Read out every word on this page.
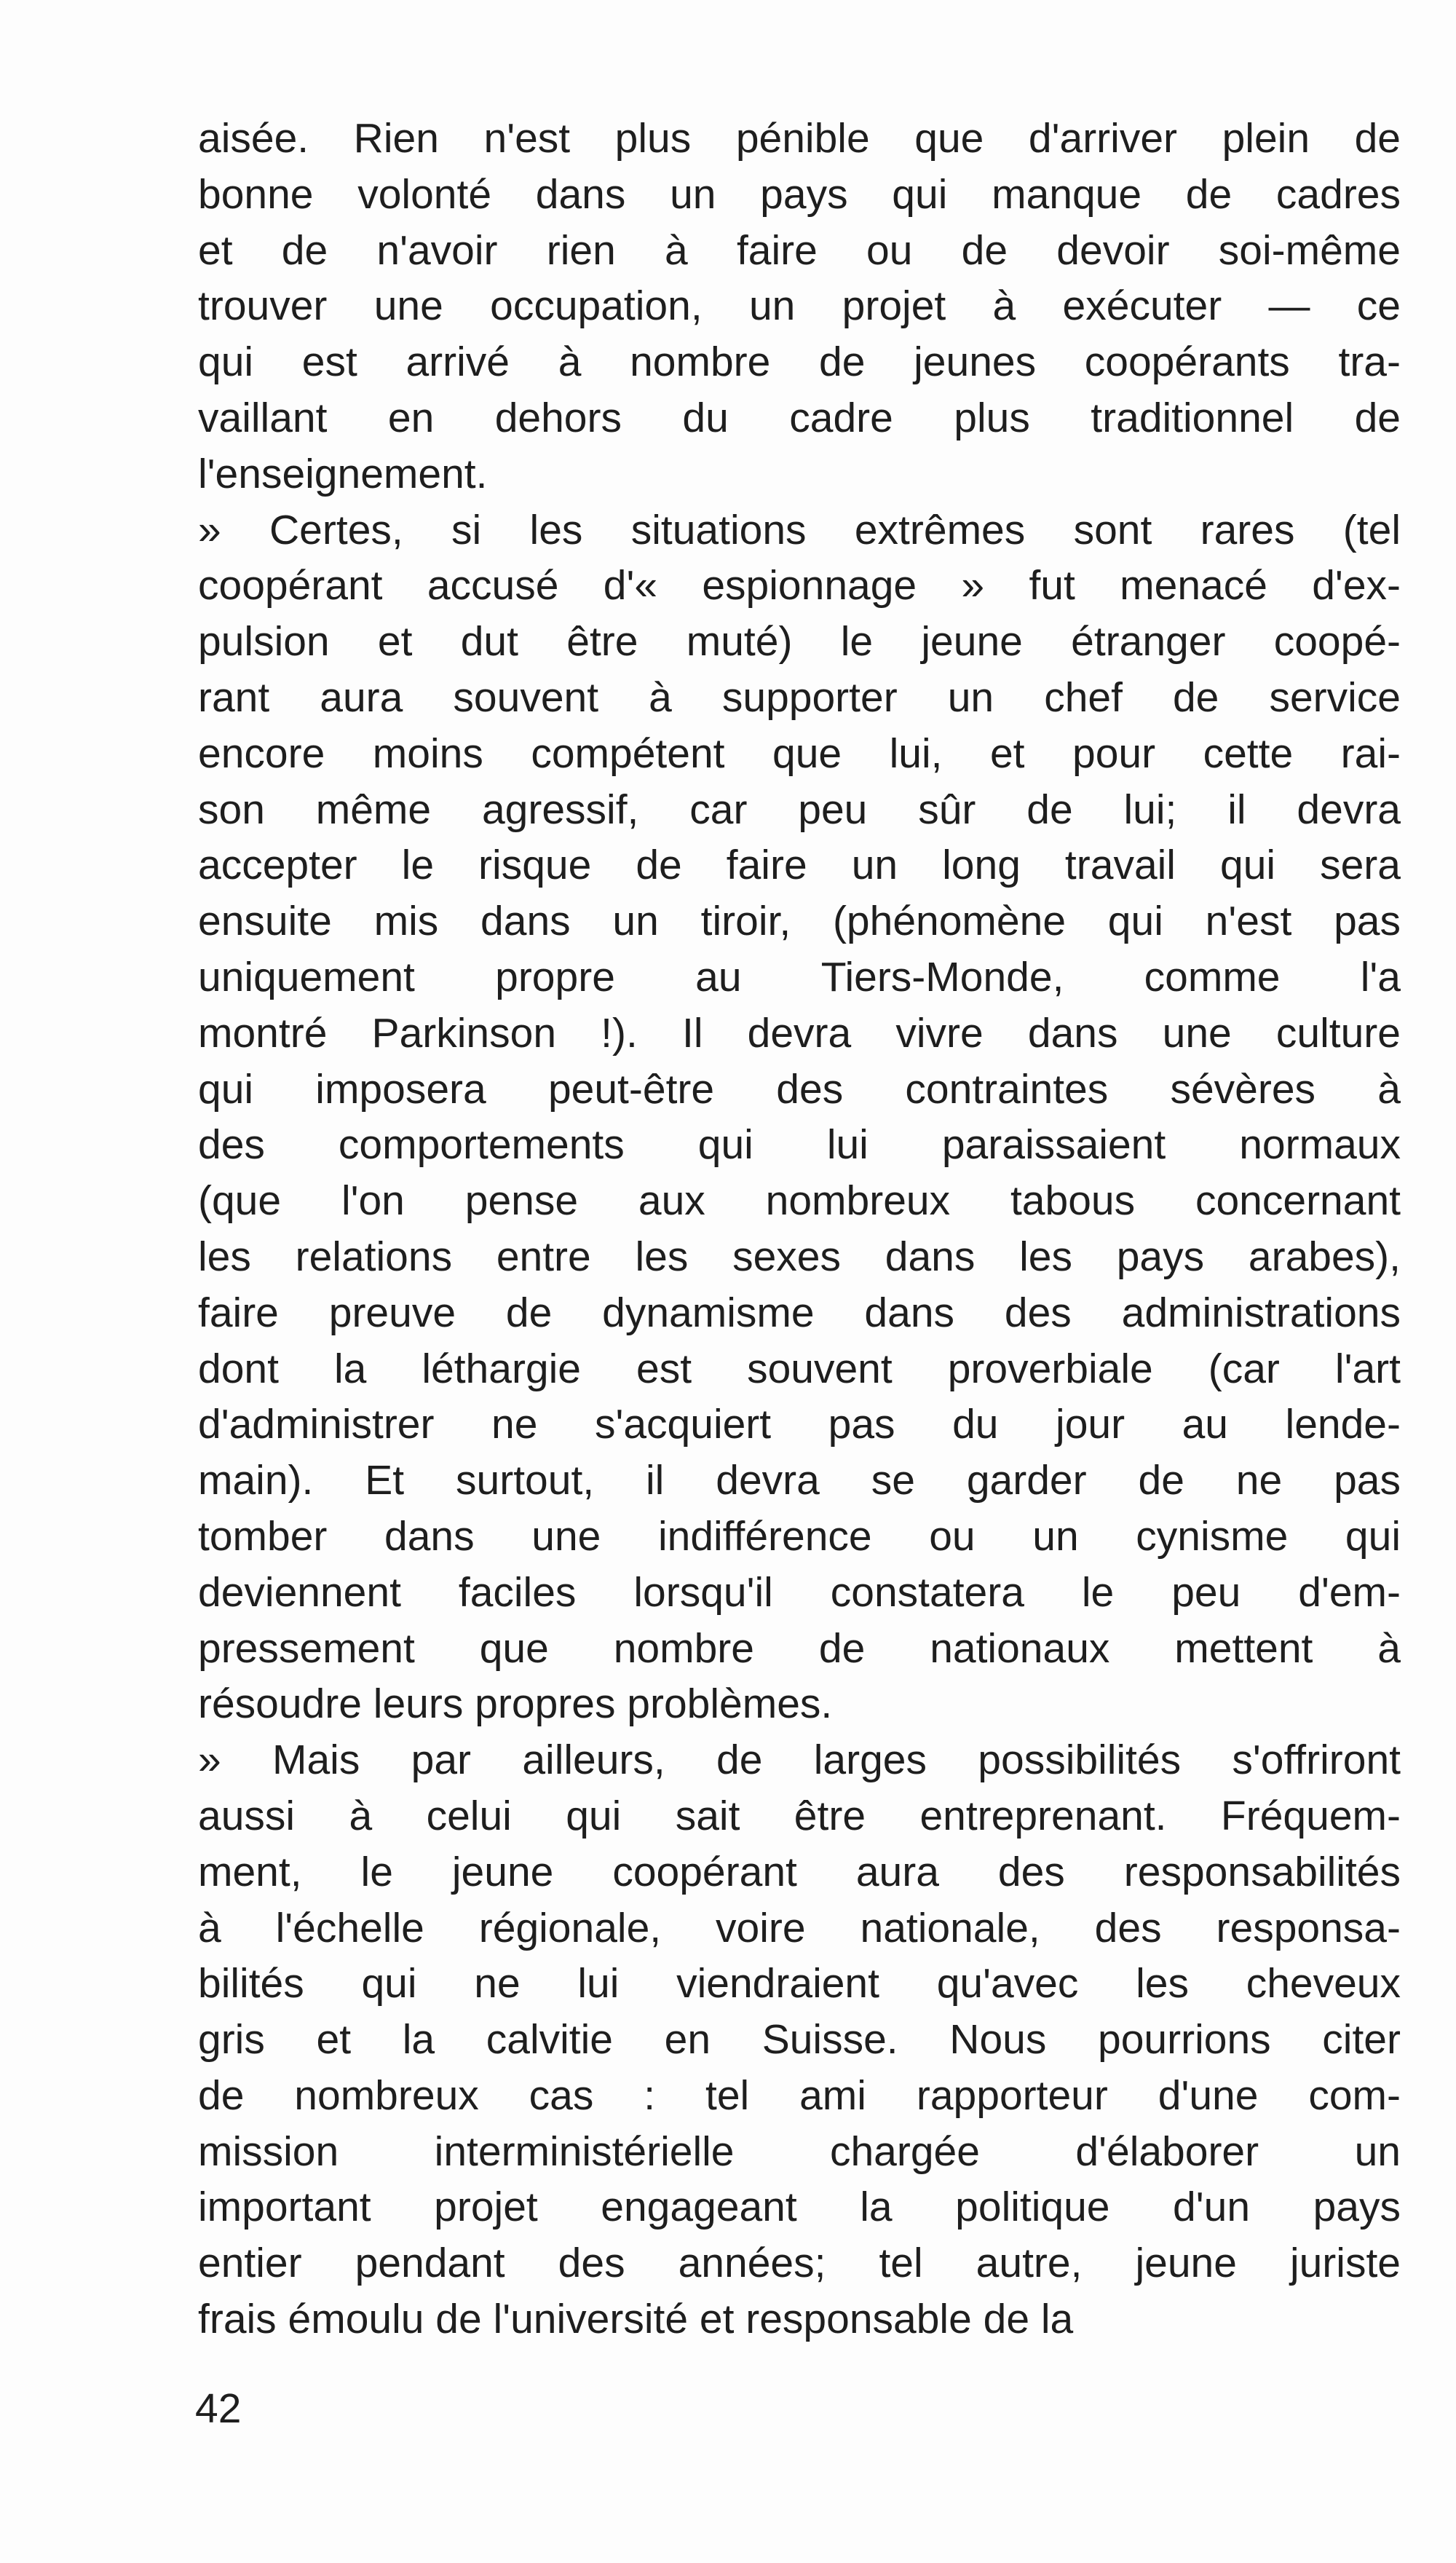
aisée. Rien n'est plus pénible que d'arriver plein de
bonne volonté dans un pays qui manque de cadres
et de n'avoir rien à faire ou de devoir soi-même
trouver une occupation, un projet à exécuter — ce
qui est arrivé à nombre de jeunes coopérants tra-
vaillant en dehors du cadre plus traditionnel de
l'enseignement.
» Certes, si les situations extrêmes sont rares (tel
coopérant accusé d'« espionnage » fut menacé d'ex-
pulsion et dut être muté) le jeune étranger coopé-
rant aura souvent à supporter un chef de service
encore moins compétent que lui, et pour cette rai-
son même agressif, car peu sûr de lui; il devra
accepter le risque de faire un long travail qui sera
ensuite mis dans un tiroir, (phénomène qui n'est pas
uniquement propre au Tiers-Monde, comme l'a
montré Parkinson !). Il devra vivre dans une culture
qui imposera peut-être des contraintes sévères à
des comportements qui lui paraissaient normaux
(que l'on pense aux nombreux tabous concernant
les relations entre les sexes dans les pays arabes),
faire preuve de dynamisme dans des administrations
dont la léthargie est souvent proverbiale (car l'art
d'administrer ne s'acquiert pas du jour au lende-
main). Et surtout, il devra se garder de ne pas
tomber dans une indifférence ou un cynisme qui
deviennent faciles lorsqu'il constatera le peu d'em-
pressement que nombre de nationaux mettent à
résoudre leurs propres problèmes.
» Mais par ailleurs, de larges possibilités s'offriront
aussi à celui qui sait être entreprenant. Fréquem-
ment, le jeune coopérant aura des responsabilités
à l'échelle régionale, voire nationale, des responsa-
bilités qui ne lui viendraient qu'avec les cheveux
gris et la calvitie en Suisse. Nous pourrions citer
de nombreux cas : tel ami rapporteur d'une com-
mission interministérielle chargée d'élaborer un
important projet engageant la politique d'un pays
entier pendant des années; tel autre, jeune juriste
frais émoulu de l'université et responsable de la
42
